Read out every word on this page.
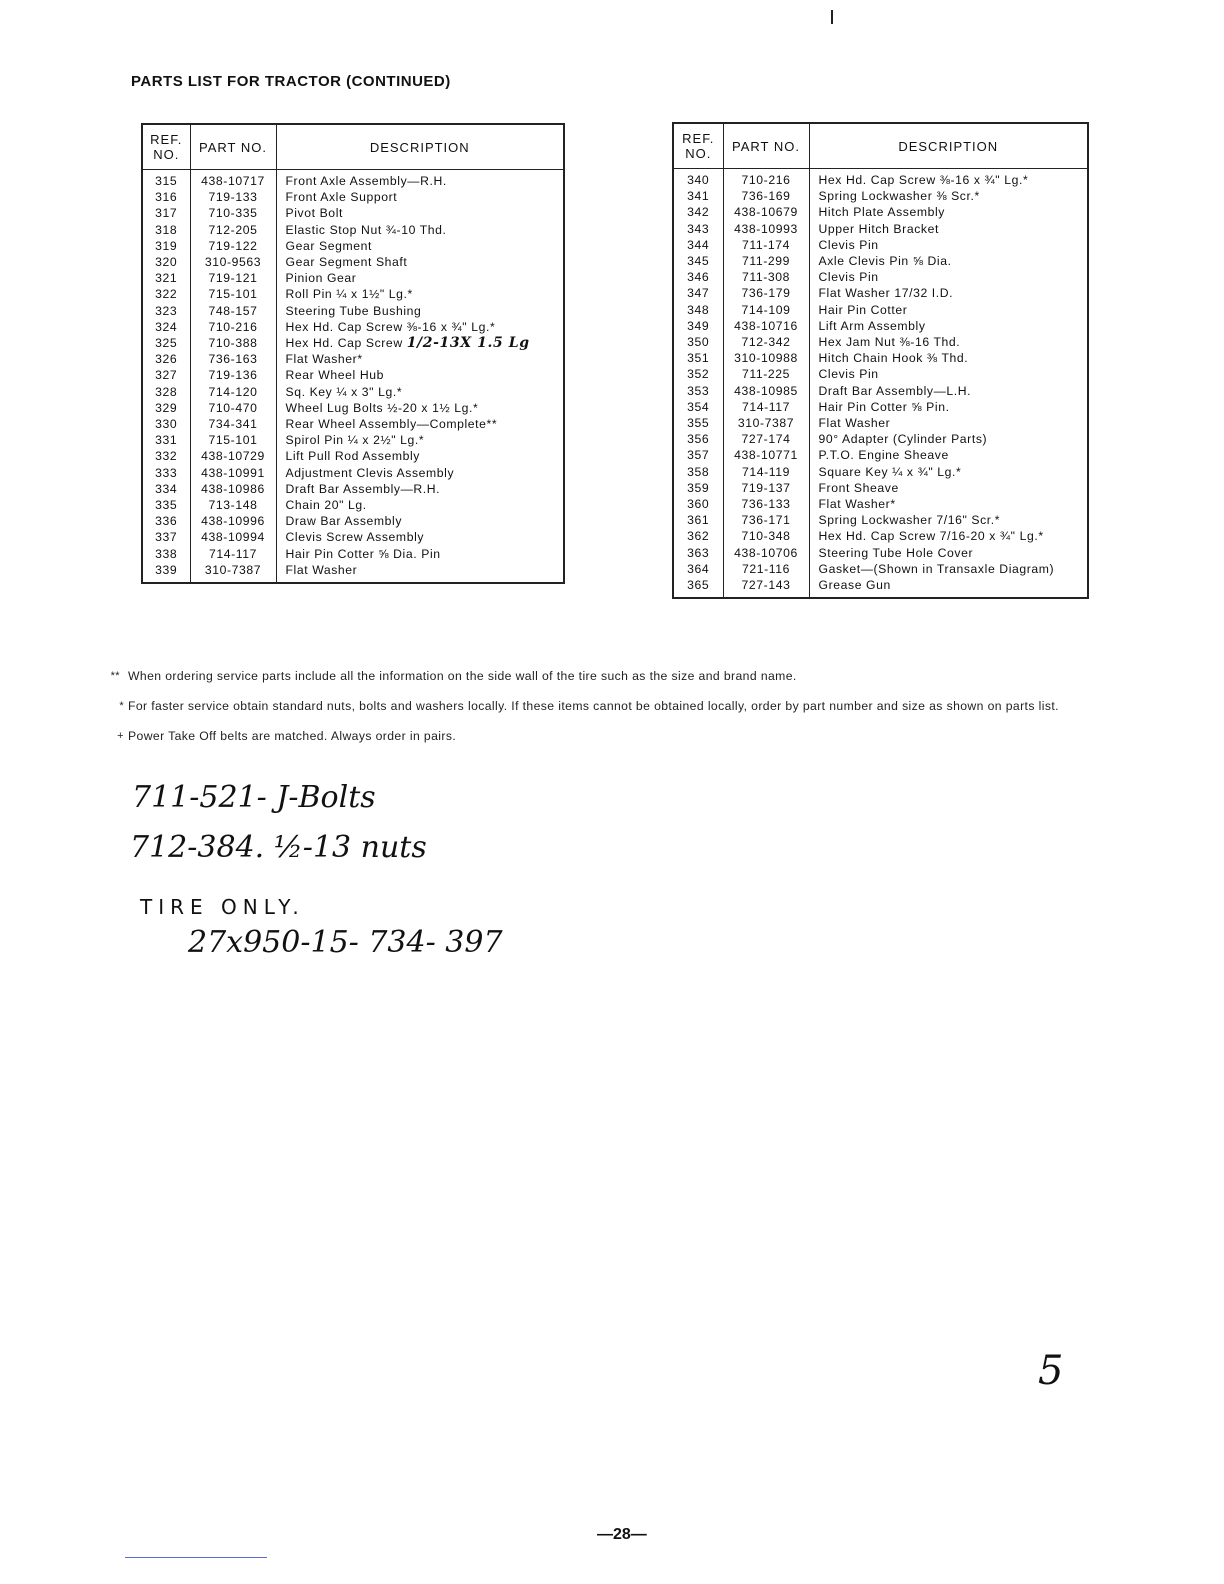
PARTS LIST FOR TRACTOR (CONTINUED)
REF. NO.	PART NO.	DESCRIPTION
315	438-10717	Front Axle Assembly—R.H.
316	719-133	Front Axle Support
317	710-335	Pivot Bolt
318	712-205	Elastic Stop Nut ¾-10 Thd.
319	719-122	Gear Segment
320	310-9563	Gear Segment Shaft
321	719-121	Pinion Gear
322	715-101	Roll Pin ¼ x 1½" Lg.*
323	748-157	Steering Tube Bushing
324	710-216	Hex Hd. Cap Screw ⅜-16 x ¾" Lg.*
325	710-388	Hex Hd. Cap Screw 1/2-13X 1.5 Lg
326	736-163	Flat Washer*
327	719-136	Rear Wheel Hub
328	714-120	Sq. Key ¼ x 3" Lg.*
329	710-470	Wheel Lug Bolts ½-20 x 1½ Lg.*
330	734-341	Rear Wheel Assembly—Complete**
331	715-101	Spirol Pin ¼ x 2½" Lg.*
332	438-10729	Lift Pull Rod Assembly
333	438-10991	Adjustment Clevis Assembly
334	438-10986	Draft Bar Assembly—R.H.
335	713-148	Chain 20" Lg.
336	438-10996	Draw Bar Assembly
337	438-10994	Clevis Screw Assembly
338	714-117	Hair Pin Cotter ⅝ Dia. Pin
339	310-7387	Flat Washer
REF. NO.	PART NO.	DESCRIPTION
340	710-216	Hex Hd. Cap Screw ⅜-16 x ¾" Lg.*
341	736-169	Spring Lockwasher ⅜ Scr.*
342	438-10679	Hitch Plate Assembly
343	438-10993	Upper Hitch Bracket
344	711-174	Clevis Pin
345	711-299	Axle Clevis Pin ⅝ Dia.
346	711-308	Clevis Pin
347	736-179	Flat Washer 17/32 I.D.
348	714-109	Hair Pin Cotter
349	438-10716	Lift Arm Assembly
350	712-342	Hex Jam Nut ⅜-16 Thd.
351	310-10988	Hitch Chain Hook ⅜ Thd.
352	711-225	Clevis Pin
353	438-10985	Draft Bar Assembly—L.H.
354	714-117	Hair Pin Cotter ⅝ Pin.
355	310-7387	Flat Washer
356	727-174	90° Adapter (Cylinder Parts)
357	438-10771	P.T.O. Engine Sheave
358	714-119	Square Key ¼ x ¾" Lg.*
359	719-137	Front Sheave
360	736-133	Flat Washer*
361	736-171	Spring Lockwasher 7/16" Scr.*
362	710-348	Hex Hd. Cap Screw 7/16-20 x ¾" Lg.*
363	438-10706	Steering Tube Hole Cover
364	721-116	Gasket—(Shown in Transaxle Diagram)
365	727-143	Grease Gun
** When ordering service parts include all the information on the side wall of the tire such as the size and brand name.
* For faster service obtain standard nuts, bolts and washers locally. If these items cannot be obtained locally, order by part number and size as shown on parts list.
+ Power Take Off belts are matched. Always order in pairs.
711-521- J-Bolts
712-384. ½-13 nuts
TIRE ONLY.
27x950-15- 734- 397
5
—28—
